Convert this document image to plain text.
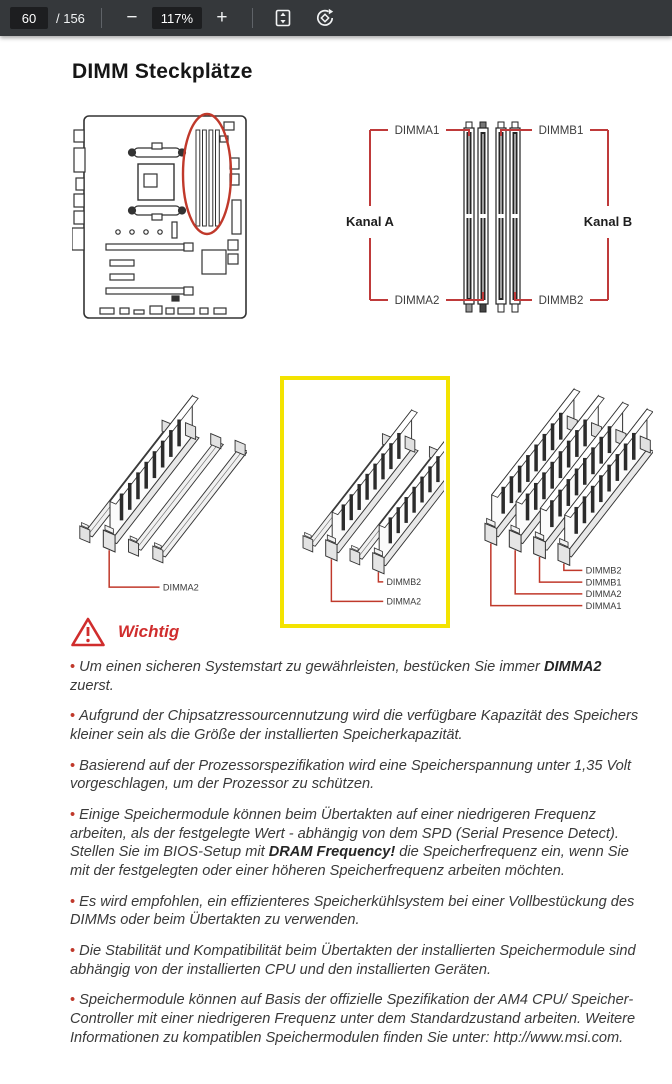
60	/ 156	−	117%	+
DIMM Steckplätze
DIMMA1	DIMMB1
DIMMA2	DIMMB2
Kanal A	Kanal B
DIMMA2
DIMMB2
DIMMA2
DIMMB2
DIMMB1
DIMMA2
DIMMA1
Wichtig
• Um einen sicheren Systemstart zu gewährleisten, bestücken Sie immer DIMMA2 zuerst.
• Aufgrund der Chipsatzressourcennutzung wird die verfügbare Kapazität des Speichers kleiner sein als die Größe der installierten Speicherkapazität.
• Basierend auf der Prozessorspezifikation wird eine Speicherspannung unter 1,35 Volt vorgeschlagen, um der Prozessor zu schützen.
• Einige Speichermodule können beim Übertakten auf einer niedrigeren Frequenz arbeiten, als der festgelegte Wert - abhängig von dem SPD (Serial Presence Detect). Stellen Sie im BIOS-Setup mit DRAM Frequency! die Speicherfrequenz ein, wenn Sie mit der festgelegten oder einer höheren Speicherfrequenz arbeiten möchten.
• Es wird empfohlen, ein effizienteres Speicherkühlsystem bei einer Vollbestückung des DIMMs oder beim Übertakten zu verwenden.
• Die Stabilität und Kompatibilität beim Übertakten der installierten Speichermodule sind abhängig von der installierten CPU und den installierten Geräten.
• Speichermodule können auf Basis der offizielle Spezifikation der AM4 CPU/ Speicher-Controller mit einer niedrigeren Frequenz unter dem Standardzustand arbeiten. Weitere Informationen zu kompatiblen Speichermodulen finden Sie unter: http://www.msi.com.
